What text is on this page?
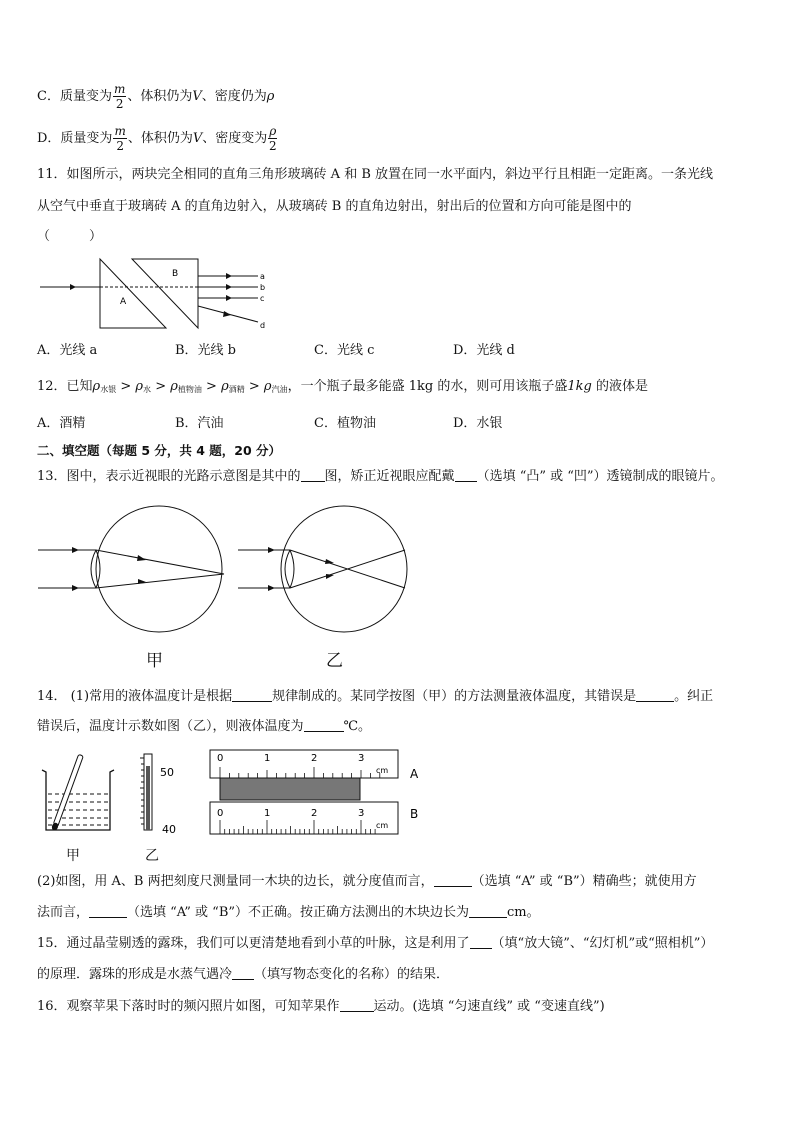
C．质量变为 $\frac{m}{2}$ 、体积仍为V、密度仍为ρ
D．质量变为 $\frac{m}{2}$ 、体积仍为V、密度变为 $\frac{\rho}{2}$
11．如图所示，两块完全相同的直角三角形玻璃砖 A 和 B 放置在同一水平面内，斜边平行且相距一定距离。一条光线
从空气中垂直于玻璃砖 A 的直角边射入，从玻璃砖 B 的直角边射出，射出后的位置和方向可能是图中的
（　　　）
A
B	a
b
c
d
A．光线 a	B．光线 b	C．光线 c	D．光线 d
12．已知$\rho_{水银} > \rho_水 > \rho_{植物油} > \rho_{酒精} > \rho_{汽油}$，一个瓶子最多能盛 1kg 的水，则可用该瓶子盛1kg 的液体是
A．酒精	B．汽油	C．植物油	D．水银
二、填空题（每题 5 分，共 4 题，20 分）
13．图中，表示近视眼的光路示意图是其中的 图，矫正近视眼应配戴 （选填 “凸” 或 “凹”）透镜制成的眼镜片。
甲	乙
14． (1)常用的液体温度计是根据	规律制成的。某同学按图（甲）的方法测量液体温度，其错误是	。纠正
错误后，温度计示数如图（乙），则液体温度为	℃。
甲
50
40
乙
0	1	2	3
cm A
0	1	2	3
cm
B
(2)如图，用 A、B 两把刻度尺测量同一木块的边长，就分度值而言，	（选填 “A” 或 “B”）精确些；就使用方
法而言，	（选填 “A” 或 “B”）不正确。按正确方法测出的木块边长为	cm。
15．通过晶莹剔透的露珠，我们可以更清楚地看到小草的叶脉，这是利用了 （填“放大镜”、“幻灯机”或“照相机”）
的原理．露珠的形成是水蒸气遇冷 （填写物态变化的名称）的结果．
16．观察苹果下落时时的频闪照片如图，可知苹果作	运动。(选填 “匀速直线” 或 “变速直线”)
